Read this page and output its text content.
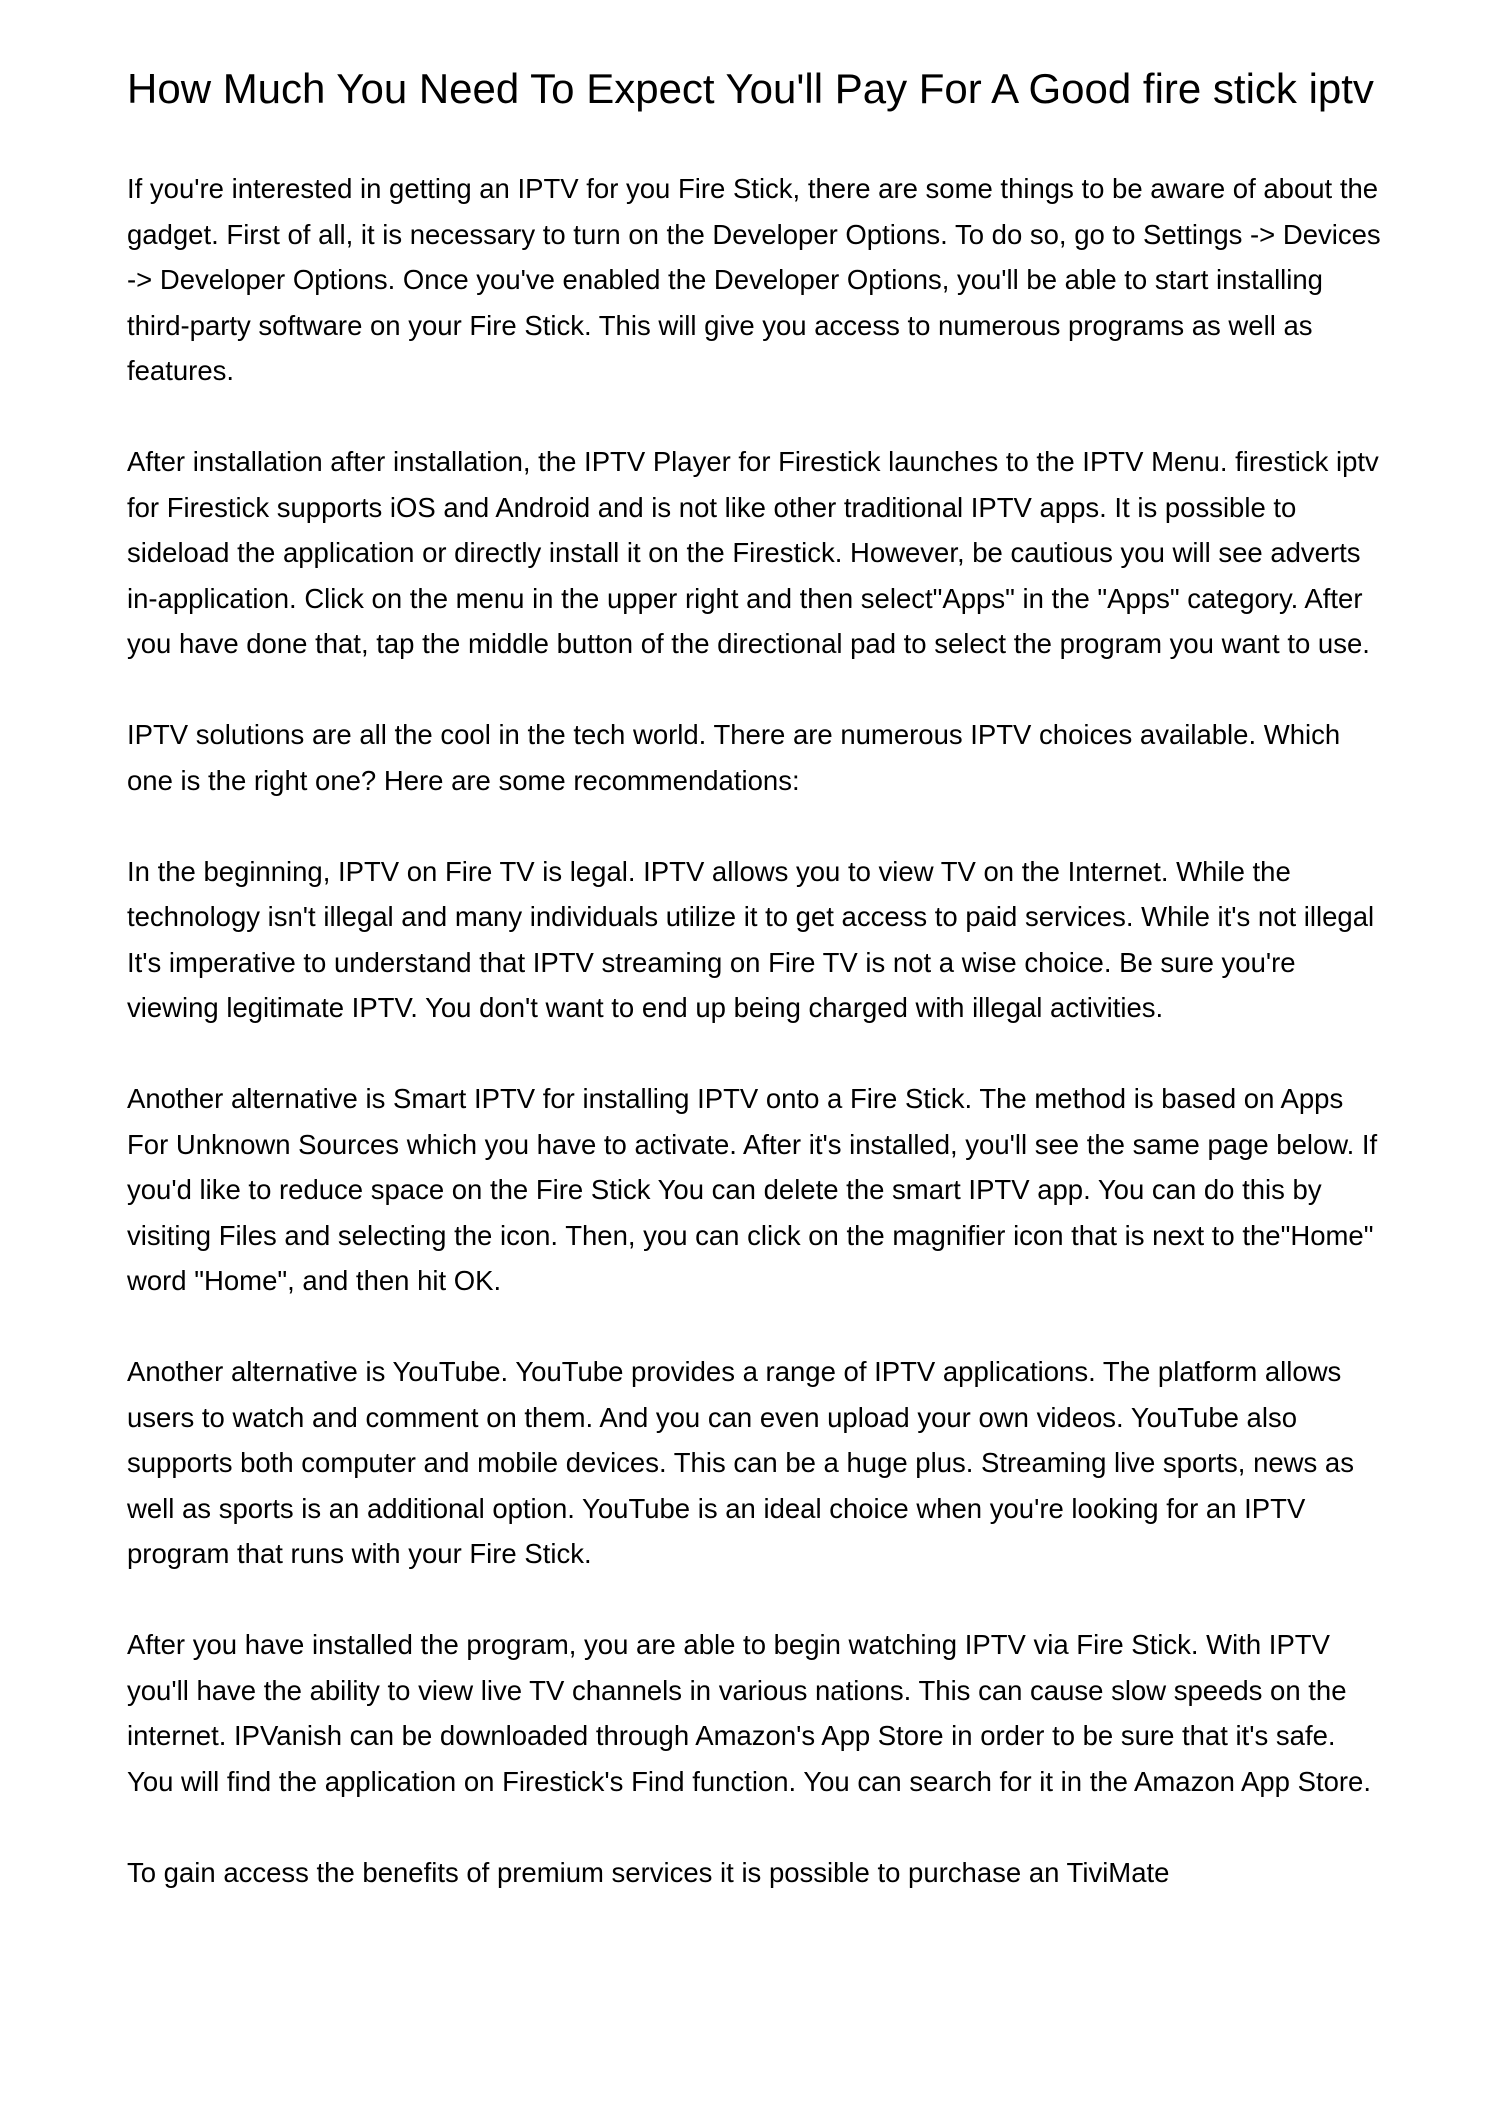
How Much You Need To Expect You'll Pay For A Good fire stick iptv

If you're interested in getting an IPTV for you Fire Stick, there are some things to be aware of about the gadget. First of all, it is necessary to turn on the Developer Options. To do so, go to Settings -> Devices -> Developer Options. Once you've enabled the Developer Options, you'll be able to start installing third-party software on your Fire Stick. This will give you access to numerous programs as well as features.

After installation after installation, the IPTV Player for Firestick launches to the IPTV Menu. firestick iptv for Firestick supports iOS and Android and is not like other traditional IPTV apps. It is possible to sideload the application or directly install it on the Firestick. However, be cautious you will see adverts in-application. Click on the menu in the upper right and then select"Apps" in the "Apps" category. After you have done that, tap the middle button of the directional pad to select the program you want to use.

IPTV solutions are all the cool in the tech world. There are numerous IPTV choices available. Which one is the right one? Here are some recommendations:

In the beginning, IPTV on Fire TV is legal. IPTV allows you to view TV on the Internet. While the technology isn't illegal and many individuals utilize it to get access to paid services. While it's not illegal It's imperative to understand that IPTV streaming on Fire TV is not a wise choice. Be sure you're viewing legitimate IPTV. You don't want to end up being charged with illegal activities.

Another alternative is Smart IPTV for installing IPTV onto a Fire Stick. The method is based on Apps For Unknown Sources which you have to activate. After it's installed, you'll see the same page below. If you'd like to reduce space on the Fire Stick You can delete the smart IPTV app. You can do this by visiting Files and selecting the icon. Then, you can click on the magnifier icon that is next to the"Home" word "Home", and then hit OK.

Another alternative is YouTube. YouTube provides a range of IPTV applications. The platform allows users to watch and comment on them. And you can even upload your own videos. YouTube also supports both computer and mobile devices. This can be a huge plus. Streaming live sports, news as well as sports is an additional option. YouTube is an ideal choice when you're looking for an IPTV program that runs with your Fire Stick.

After you have installed the program, you are able to begin watching IPTV via Fire Stick. With IPTV you'll have the ability to view live TV channels in various nations. This can cause slow speeds on the internet. IPVanish can be downloaded through Amazon's App Store in order to be sure that it's safe. You will find the application on Firestick's Find function. You can search for it in the Amazon App Store.

To gain access the benefits of premium services it is possible to purchase an TiviMate
